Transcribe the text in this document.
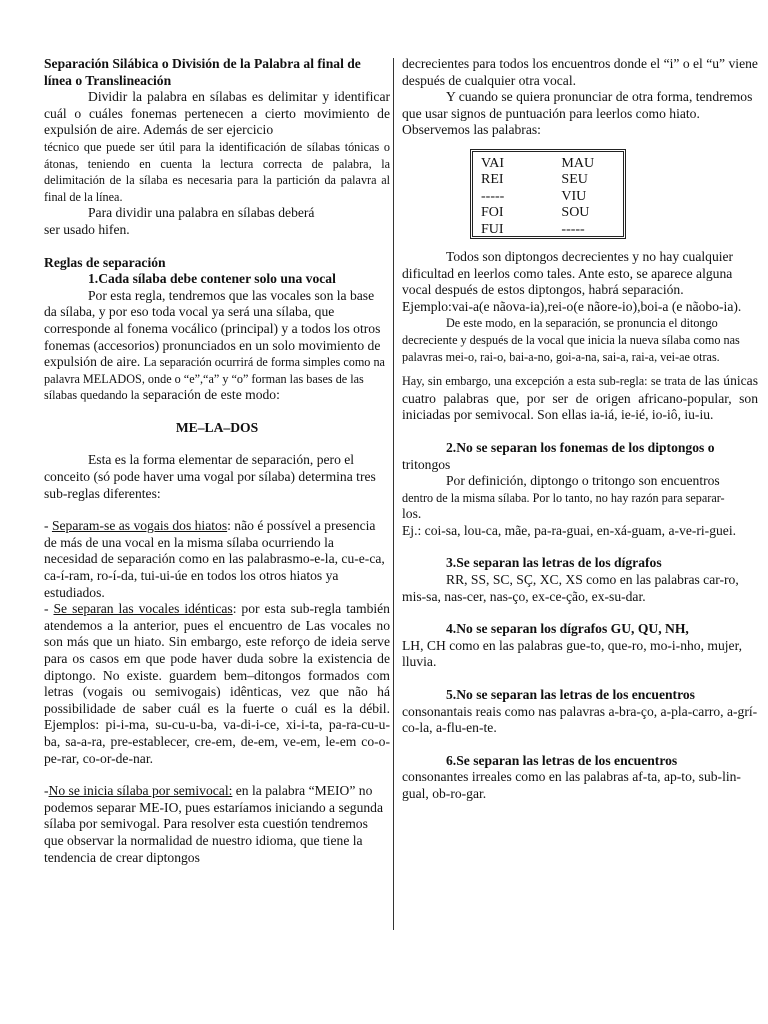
Separación Silábica o División de la Palabra al final de línea o Translineación

Dividir la palabra en sílabas es delimitar y identificar cuál o cuáles fonemas pertenecen a cierto movimiento de expulsión de aire. Además de ser ejercicio

técnico que puede ser útil para la identificación de sílabas tónicas o átonas, teniendo en cuenta la lectura correcta de palabra, la delimitación de la sílaba es necesaria para la partición da palavra al final de la línea.

Para dividir una palabra en sílabas deberá

ser usado hifen.

Reglas de separación

1.Cada sílaba debe contener solo una vocal

Por esta regla, tendremos que las vocales son la base da sílaba, y por eso toda vocal ya será una sílaba, que corresponde al fonema vocálico (principal) y a todos los otros fonemas (accesorios) pronunciados en un solo movimiento de expulsión de aire. La separación ocurrirá de forma simples como na palavra MELADOS, onde o “e”,“a” y “o” forman las bases de las sílabas quedando la separación de este modo:

ME–LA–DOS

Esta es la forma elementar de separación, pero el conceito (só pode haver uma vogal por sílaba) determina tres sub-reglas diferentes:

- Separam-se as vogais dos hiatos: não é possível a presencia de más de una vocal en la misma sílaba ocurriendo la necesidad de separación como en las palabrasmo-e-la, cu-e-ca, ca-í-ram, ro-í-da, tui-ui-úe en todos los otros hiatos ya estudiados.

- Se separan las vocales idénticas: por esta sub-regla también atendemos a la anterior, pues el encuentro de Las vocales no son más que un hiato. Sin embargo, este reforço de ideia serve para os casos em que pode haver duda sobre la existencia de diptongo. No existe. guardem bem–ditongos formados com letras (vogais ou semivogais) idênticas, vez que não há possibilidade de saber cuál es la fuerte o cuál es la débil. Ejemplos: pi-i-ma, su-cu-u-ba, va-di-i-ce, xi-i-ta, pa-ra-cu-u-ba, sa-a-ra, pre-establecer, cre-em, de-em, ve-em, le-em co-o-pe-rar, co-or-de-nar.

-No se inicia sílaba por semivocal: en la palabra “MEIO” no podemos separar ME-IO, pues estaríamos iniciando a segunda sílaba por semivogal. Para resolver esta cuestión tendremos que observar la normalidad de nuestro idioma, que tiene la tendencia de crear diptongos

decrecientes para todos los encuentros donde el “i” o el “u” viene después de cualquier otra vocal.

Y cuando se quiera pronunciar de otra forma, tendremos que usar signos de puntuación para leerlos como hiato. Observemos las palabras:

VAI	MAU
REI	SEU
-----	VIU
FOI	SOU
FUI	-----

Todos son diptongos decrecientes y no hay cualquier dificultad en leerlos como tales. Ante esto, se aparece alguna vocal después de estos diptongos, habrá separación.

Ejemplo:vai-a(e nãova-ia),rei-o(e nãore-io),boi-a (e nãobo-ia).

De este modo, en la separación, se pronuncia el ditongo decreciente y después de la vocal que inicia la nueva sílaba como nas palavras mei-o, rai-o, bai-a-no, goi-a-na, sai-a, rai-a, vei-ae otras.

Hay, sin embargo, una excepción a esta sub-regla: se trata de las únicas cuatro palabras que, por ser de origen africano-popular, son iniciadas por semivocal. Son ellas ia-iá, ie-ié, io-iô, iu-iu.

2.No se separan los fonemas de los diptongos o

tritongos

Por definición, diptongo o tritongo son encuentros

dentro de la misma sílaba. Por lo tanto, no hay razón para separar-

los.

Ej.: coi-sa, lou-ca, mãe, pa-ra-guai, en-xá-guam, a-ve-ri-guei.

3.Se separan las letras de los dígrafos

RR, SS, SC, SÇ, XC, XS como en las palabras car-ro, mis-sa, nas-cer, nas-ço, ex-ce-ção, ex-su-dar.

4.No se separan los dígrafos GU, QU, NH,

LH, CH como en las palabras gue-to, que-ro, mo-i-nho, mujer, lluvia.

5.No se separan las letras de los encuentros

consonantais reais como nas palavras a-bra-ço, a-pla-carro, a-grí-co-la, a-flu-en-te.

6.Se separan las letras de los encuentros

consonantes irreales como en las palabras af-ta, ap-to, sub-lin-gual, ob-ro-gar.
